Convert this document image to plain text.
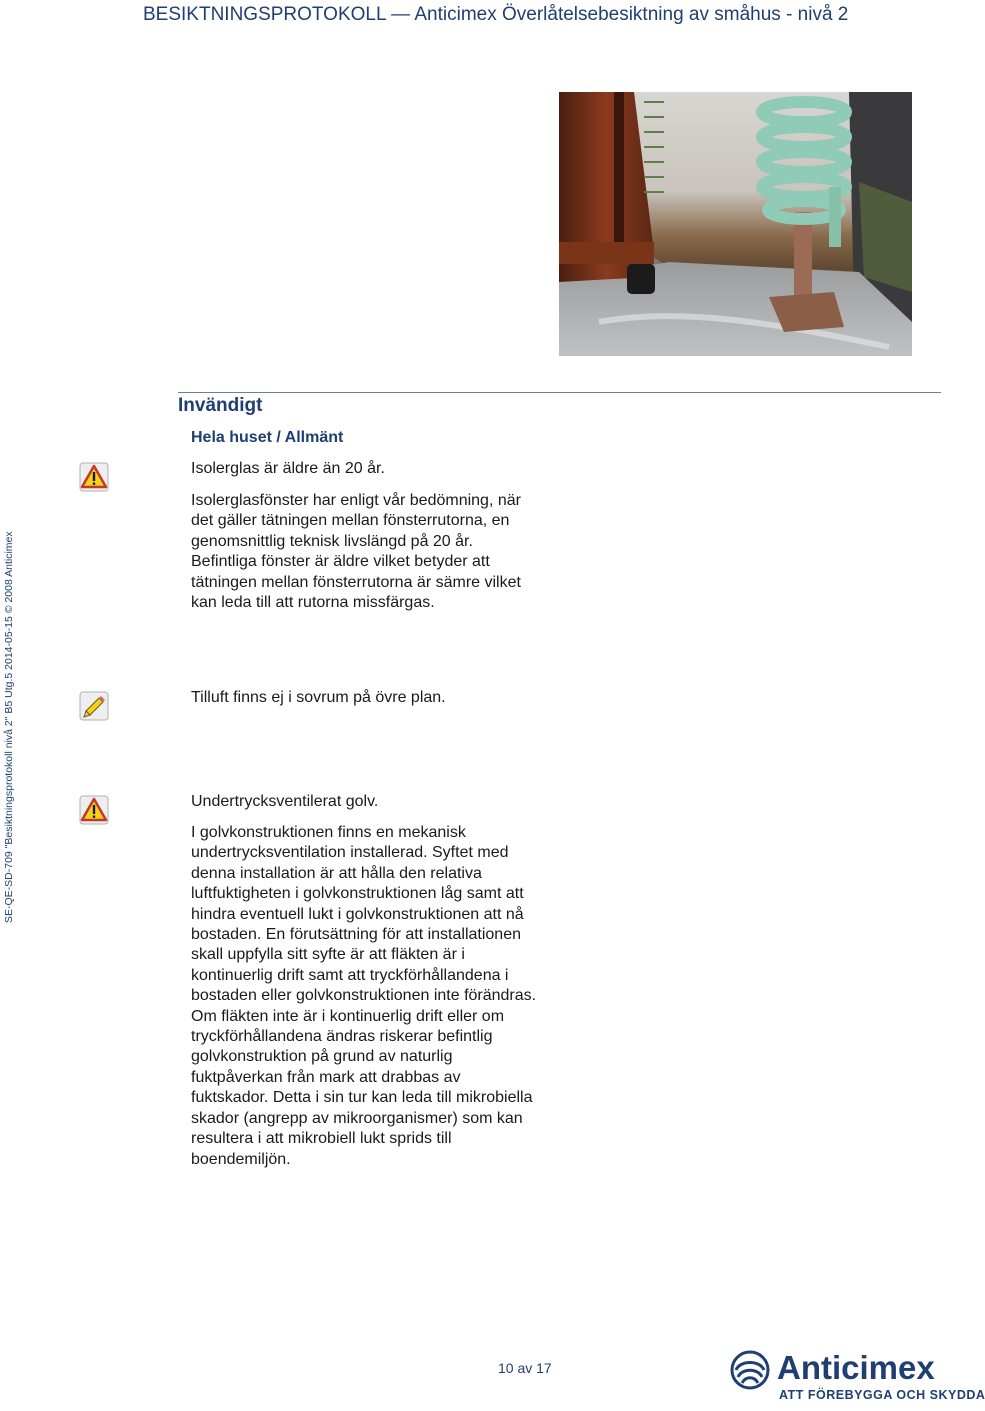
BESIKTNINGSPROTOKOLL — Anticimex Överlåtelsebesiktning av småhus - nivå 2
SE-QE-SD-709 "Besiktningsprotokoll nivå 2" B5 Utg.5 2014-05-15 © 2008 Anticimex
Invändigt
Hela huset / Allmänt
Isolerglas är äldre än 20 år.
Isolerglasfönster har enligt vår bedömning, när det gäller tätningen mellan fönsterrutorna, en genomsnittlig teknisk livslängd på 20 år. Befintliga fönster är äldre vilket betyder att tätningen mellan fönsterrutorna är sämre vilket kan leda till att rutorna missfärgas.
Tilluft finns ej i sovrum på övre plan.
Undertrycksventilerat golv.
I golvkonstruktionen finns en mekanisk undertrycksventilation installerad. Syftet med denna installation är att hålla den relativa luftfuktigheten i golvkonstruktionen låg samt att hindra eventuell lukt i golvkonstruktionen att nå bostaden. En förutsättning för att installationen skall uppfylla sitt syfte är att fläkten är i kontinuerlig drift samt att tryckförhållandena i bostaden eller golvkonstruktionen inte förändras. Om fläkten inte är i kontinuerlig drift eller om tryckförhållandena ändras riskerar befintlig golvkonstruktion på grund av naturlig fuktpåverkan från mark att drabbas av fuktskador. Detta i sin tur kan leda till mikrobiella skador (angrepp av mikroorganismer) som kan resultera i att mikrobiell lukt sprids till boendemiljön.
10 av 17	Anticimex
ATT FÖREBYGGA OCH SKYDDA
